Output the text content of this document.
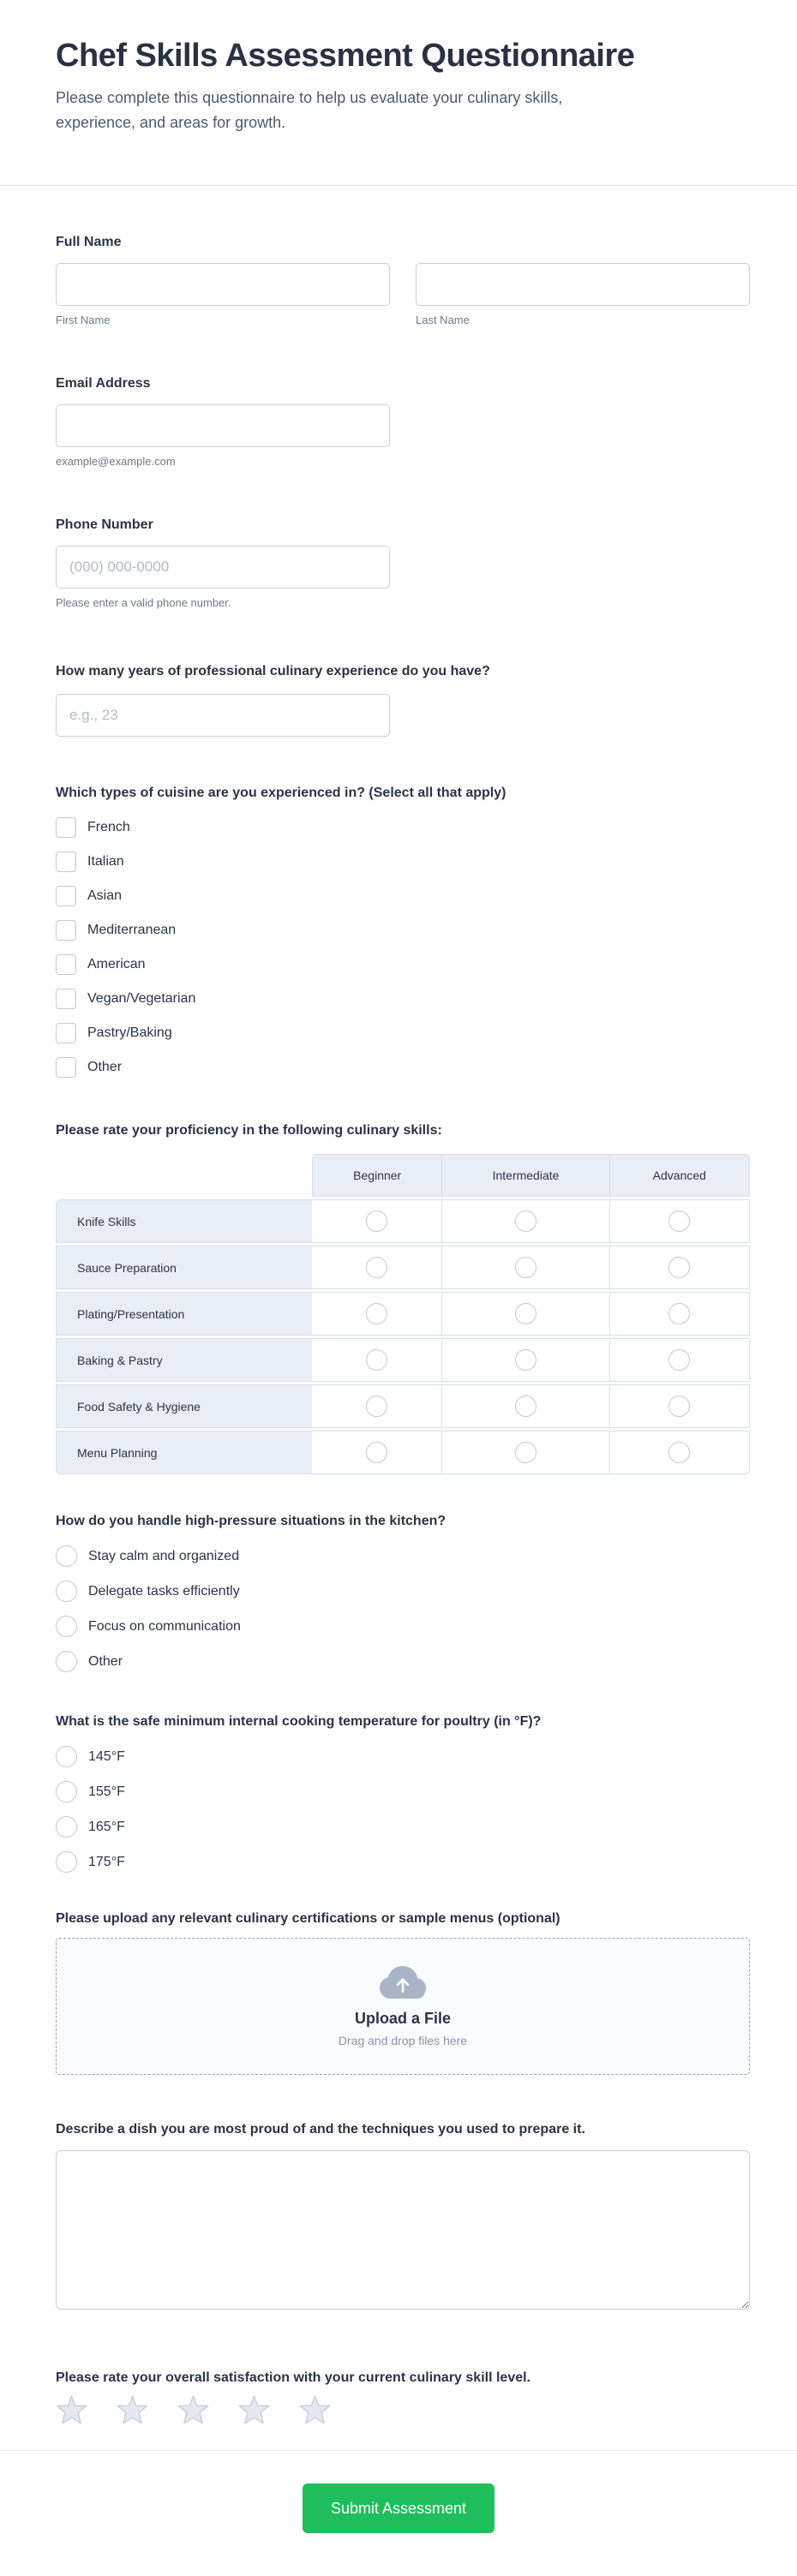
Chef Skills Assessment Questionnaire
Please complete this questionnaire to help us evaluate your culinary skills,
experience, and areas for growth.
Full Name
First Name	Last Name
Email Address
example@example.com
Phone Number
(000) 000-0000
Please enter a valid phone number.
How many years of professional culinary experience do you have?
e.g., 23
Which types of cuisine are you experienced in? (Select all that apply)
French
Italian
Asian
Mediterranean
American
Vegan/Vegetarian
Pastry/Baking
Other
Please rate your proficiency in the following culinary skills:
	Beginner	Intermediate	Advanced
Knife Skills			
Sauce Preparation			
Plating/Presentation			
Baking & Pastry			
Food Safety & Hygiene			
Menu Planning			
How do you handle high-pressure situations in the kitchen?
Stay calm and organized
Delegate tasks efficiently
Focus on communication
Other
What is the safe minimum internal cooking temperature for poultry (in °F)?
145°F
155°F
165°F
175°F
Please upload any relevant culinary certifications or sample menus (optional)
Upload a File
Drag and drop files here
Describe a dish you are most proud of and the techniques you used to prepare it.
Please rate your overall satisfaction with your current culinary skill level.
Submit Assessment
